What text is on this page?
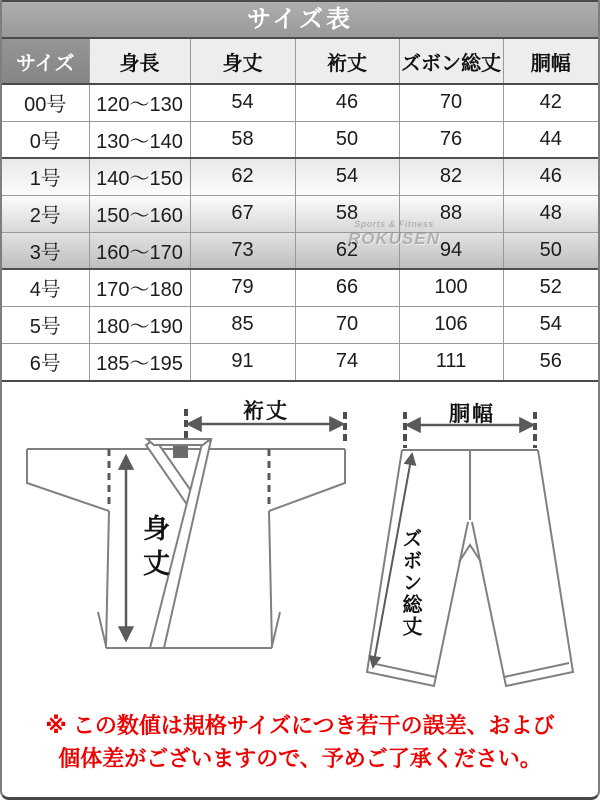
サイズ表
サイズ	身長	身丈	裄丈	ズボン総丈	胴幅
00号	120〜130	54	46	70	42
0号	130〜140	58	50	76	44
1号	140〜150	62	54	82	46
2号	150〜160	67	58	88	48
3号	160〜170	73	62	94	50
4号	170〜180	79	66	100	52
5号	180〜190	85	70	106	54
6号	185〜195	91	74	111	56
Sports & Fitness
ROKUSEN
裄丈
身丈
胴幅
ズボン総丈
※ この数値は規格サイズにつき若干の誤差、および
個体差がございますので、予めご了承ください。
